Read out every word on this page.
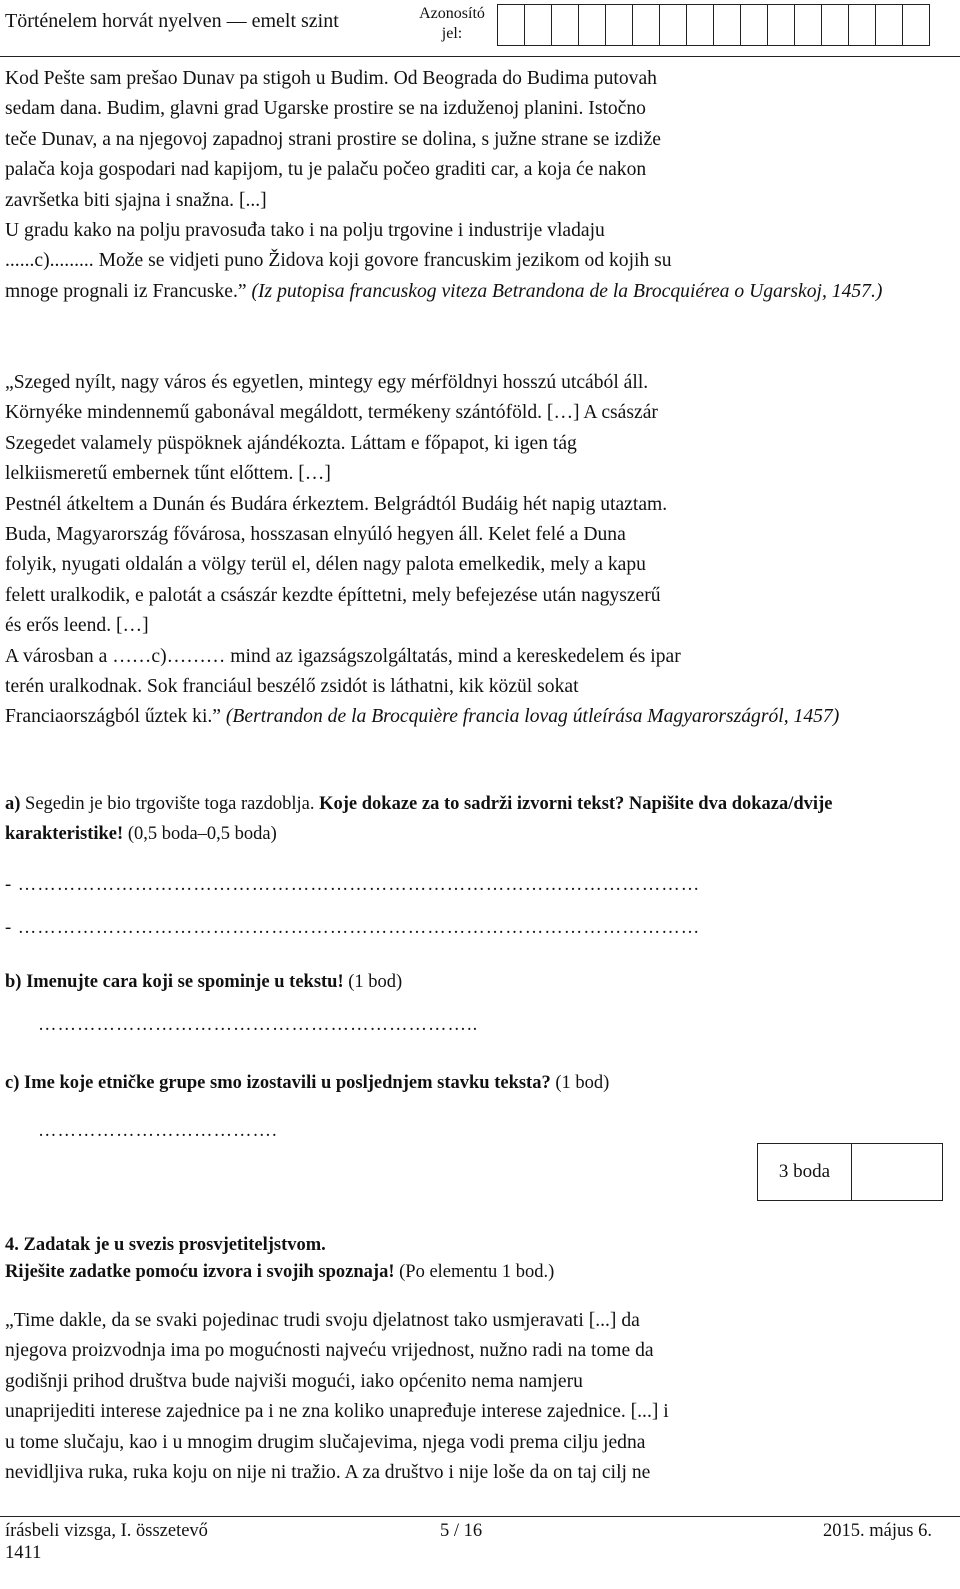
Történelem horvát nyelven — emelt szint	Azonosító
jel:

Kod Pešte sam prešao Dunav pa stigoh u Budim. Od Beograda do Budima putovah

sedam dana. Budim, glavni grad Ugarske prostire se na izduženoj planini. Istočno

teče Dunav, a na njegovoj zapadnoj strani prostire se dolina, s južne strane se izdiže

palača koja gospodari nad kapijom, tu je palaču počeo graditi car, a koja će nakon

završetka biti sjajna i snažna. [...]

U gradu kako na polju pravosuđa tako i na polju trgovine i industrije vladaju

......c)......... Može se vidjeti puno Židova koji govore francuskim jezikom od kojih su

mnoge prognali iz Francuske.” (Iz putopisa francuskog viteza Betrandona de la Brocquiérea o Ugarskoj, 1457.)

„Szeged nyílt, nagy város és egyetlen, mintegy egy mérföldnyi hosszú utcából áll.

Környéke mindennemű gabonával megáldott, termékeny szántóföld. […] A császár

Szegedet valamely püspöknek ajándékozta. Láttam e főpapot, ki igen tág

lelkiismeretű embernek tűnt előttem. […]

Pestnél átkeltem a Dunán és Budára érkeztem. Belgrádtól Budáig hét napig utaztam.

Buda, Magyarország fővárosa, hosszasan elnyúló hegyen áll. Kelet felé a Duna

folyik, nyugati oldalán a völgy terül el, délen nagy palota emelkedik, mely a kapu

felett uralkodik, e palotát a császár kezdte építtetni, mely befejezése után nagyszerű

és erős leend. […]

A városban a ……c)……… mind az igazságszolgáltatás, mind a kereskedelem és ipar

terén uralkodnak. Sok franciául beszélő zsidót is láthatni, kik közül sokat

Franciaországból űztek ki.” (Bertrandon de la Brocquière francia lovag útleírása Magyarországról, 1457)

a) Segedin je bio trgovište toga razdoblja. Koje dokaze za to sadrži izvorni tekst? Napišite dva dokaza/dvije karakteristike! (0,5 boda–0,5 boda)
- ……………………………………………………………………………………………
- ……………………………………………………………………………………………
b) Imenujte cara koji se spominje u tekstu! (1 bod)
…………………………………………………………..
c) Ime koje etničke grupe smo izostavili u posljednjem stavku teksta? (1 bod)
……………………………….
3 boda
4. Zadatak je u svezis prosvjetiteljstvom.
Riješite zadatke pomoću izvora i svojih spoznaja! (Po elementu 1 bod.)

„Time dakle, da se svaki pojedinac trudi svoju djelatnost tako usmjeravati [...] da

njegova proizvodnja ima po mogućnosti najveću vrijednost, nužno radi na tome da

godišnji prihod društva bude najviši mogući, iako općenito nema namjeru

unaprijediti interese zajednice pa i ne zna koliko unapređuje interese zajednice. [...] i

u tome slučaju, kao i u mnogim drugim slučajevima, njega vodi prema cilju jedna

nevidljiva ruka, ruka koju on nije ni tražio. A za društvo i nije loše da on taj cilj ne

írásbeli vizsga, I. összetevő
1411
5 / 16	2015. május 6.
